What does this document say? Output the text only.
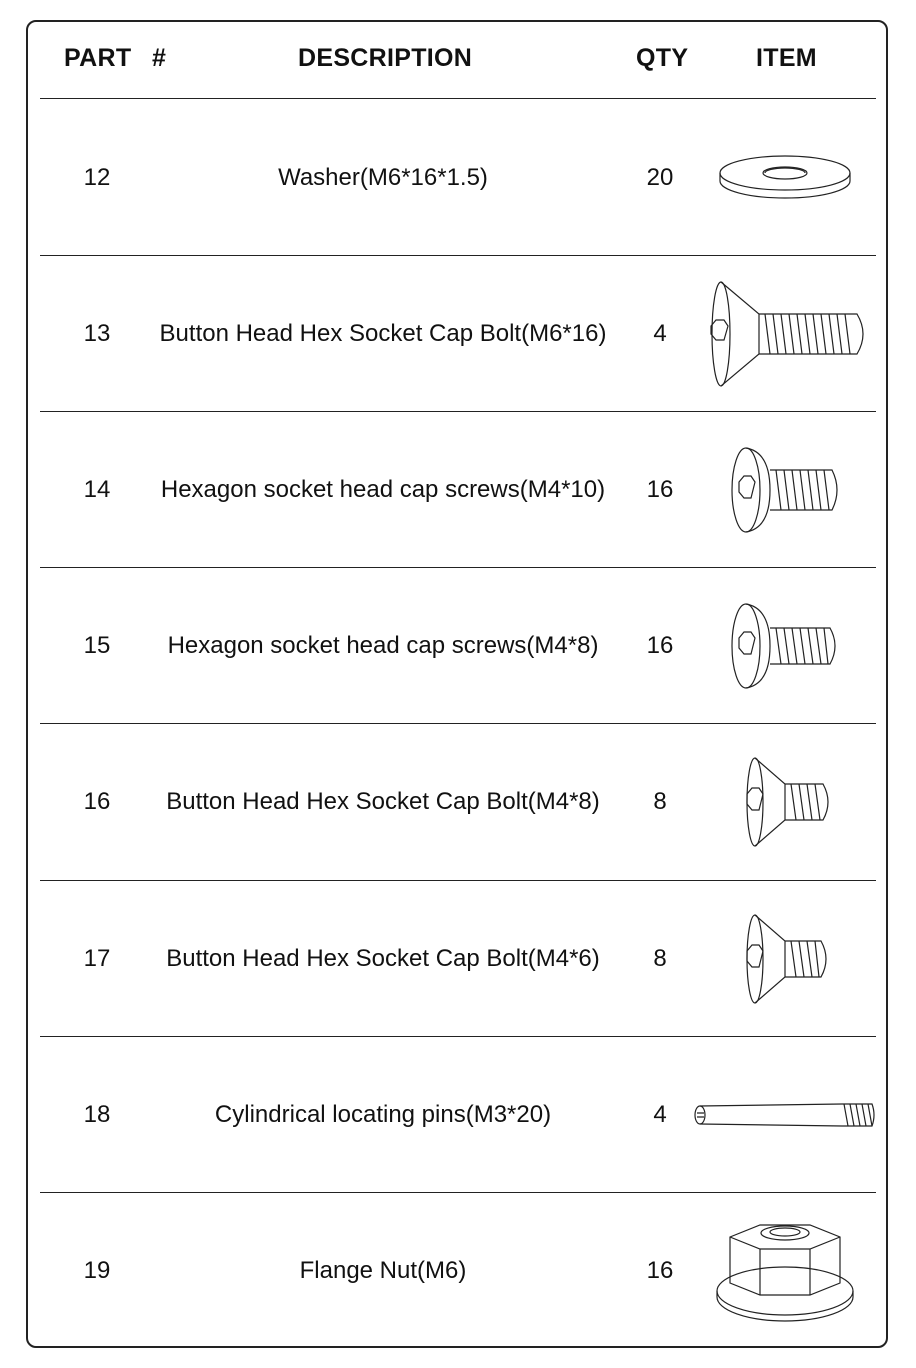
PART #	DESCRIPTION	QTY	ITEM
12	Washer(M6*16*1.5)	20
13	Button Head Hex Socket Cap Bolt(M6*16)	4
14	Hexagon socket head cap screws(M4*10)	16
15	Hexagon socket head cap screws(M4*8)	16
16	Button Head Hex Socket Cap Bolt(M4*8)	8
17	Button Head Hex Socket Cap Bolt(M4*6)	8
18	Cylindrical locating pins(M3*20)	4
19	Flange Nut(M6)	16
